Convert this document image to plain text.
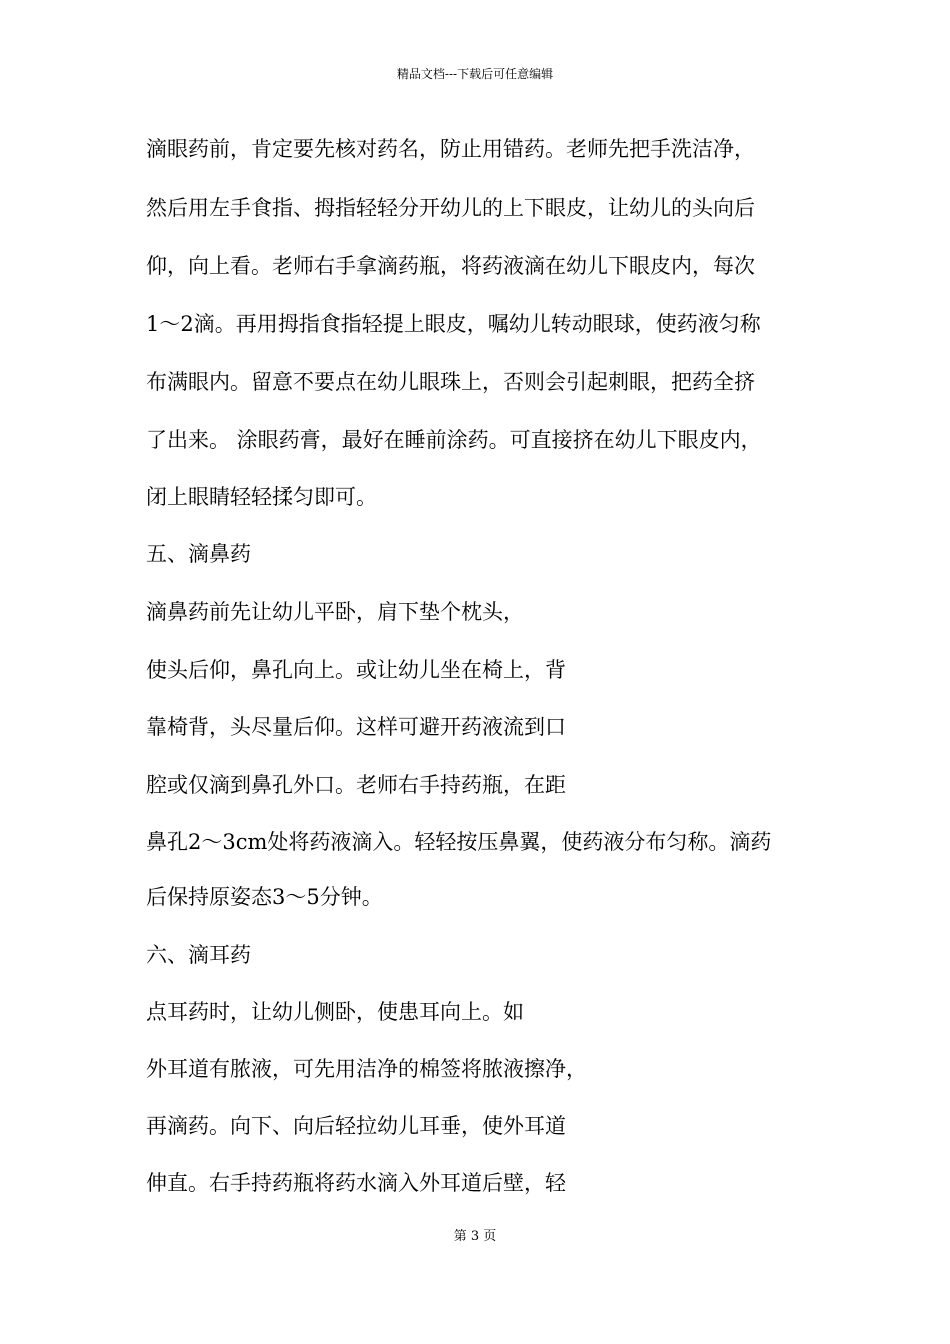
精品文档---下载后可任意编辑
滴眼药前，肯定要先核对药名，防止用错药。老师先把手洗洁净，
然后用左手食指、拇指轻轻分开幼儿的上下眼皮，让幼儿的头向后
仰，向上看。老师右手拿滴药瓶，将药液滴在幼儿下眼皮内，每次
1～2滴。再用拇指食指轻提上眼皮，嘱幼儿转动眼球，使药液匀称
布满眼内。留意不要点在幼儿眼珠上，否则会引起刺眼，把药全挤
了出来。 涂眼药膏，最好在睡前涂药。可直接挤在幼儿下眼皮内，
闭上眼睛轻轻揉匀即可。
五、滴鼻药
滴鼻药前先让幼儿平卧，肩下垫个枕头，
使头后仰，鼻孔向上。或让幼儿坐在椅上，背
靠椅背，头尽量后仰。这样可避开药液流到口
腔或仅滴到鼻孔外口。老师右手持药瓶，在距
鼻孔2～3cm处将药液滴入。轻轻按压鼻翼，使药液分布匀称。滴药
后保持原姿态3～5分钟。
六、滴耳药
点耳药时，让幼儿侧卧，使患耳向上。如
外耳道有脓液，可先用洁净的棉签将脓液擦净，
再滴药。向下、向后轻拉幼儿耳垂，使外耳道
伸直。右手持药瓶将药水滴入外耳道后壁，轻
第 3 页
